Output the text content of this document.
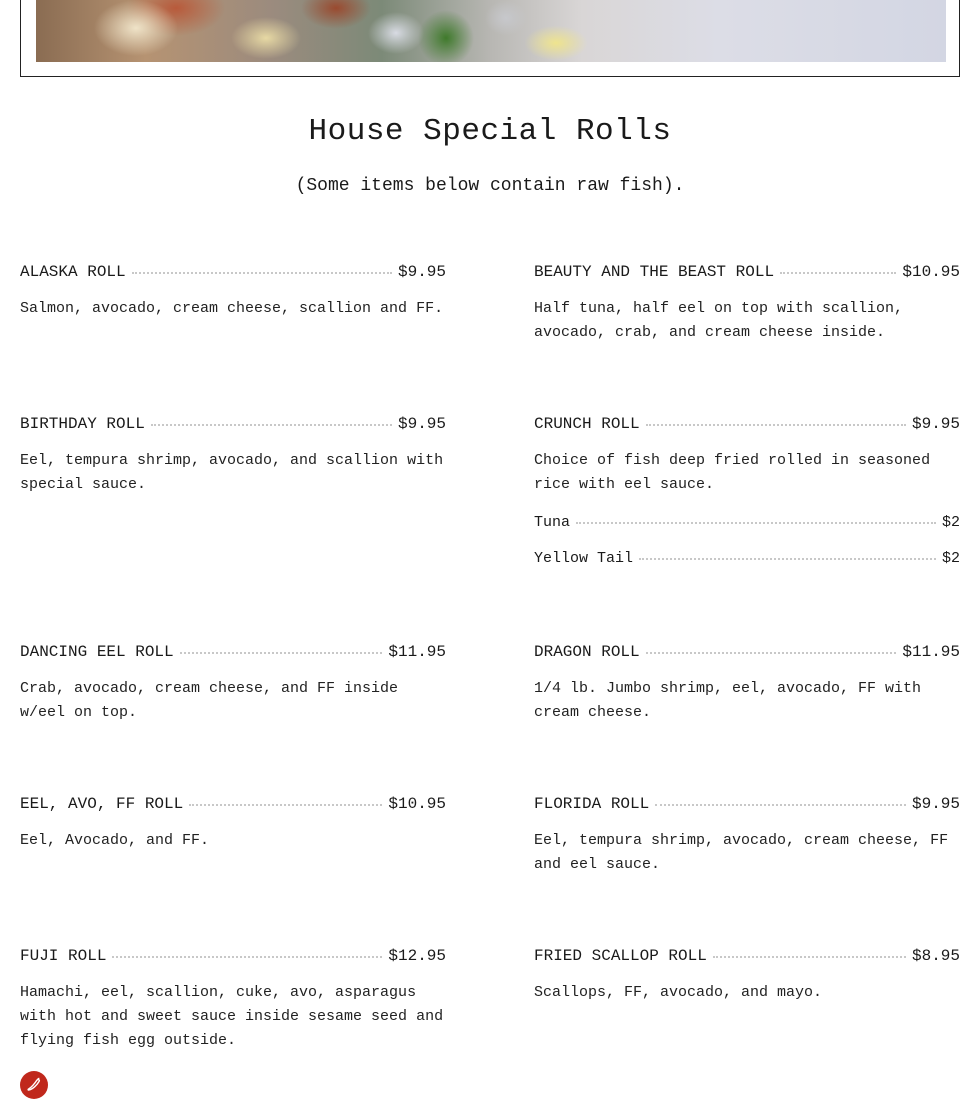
House Special Rolls

(Some items below contain raw fish).

ALASKA ROLL	$9.95
Salmon, avocado, cream cheese, scallion and FF.
BEAUTY AND THE BEAST ROLL	$10.95
Half tuna, half eel on top with scallion, avocado, crab, and cream cheese inside.
BIRTHDAY ROLL	$9.95
Eel, tempura shrimp, avocado, and scallion with special sauce.
CRUNCH ROLL	$9.95
Choice of fish deep fried rolled in seasoned rice with eel sauce.
Tuna	$2
Yellow Tail	$2
DANCING EEL ROLL	$11.95
Crab, avocado, cream cheese, and FF inside w/eel on top.
DRAGON ROLL	$11.95
1/4 lb. Jumbo shrimp, eel, avocado, FF with cream cheese.
EEL, AVO, FF ROLL	$10.95
Eel, Avocado, and FF.
FLORIDA ROLL	$9.95
Eel, tempura shrimp, avocado, cream cheese, FF and eel sauce.
FUJI ROLL	$12.95
Hamachi, eel, scallion, cuke, avo, asparagus with hot and sweet sauce inside sesame seed and flying fish egg outside.
FRIED SCALLOP ROLL	$8.95
Scallops, FF, avocado, and mayo.
